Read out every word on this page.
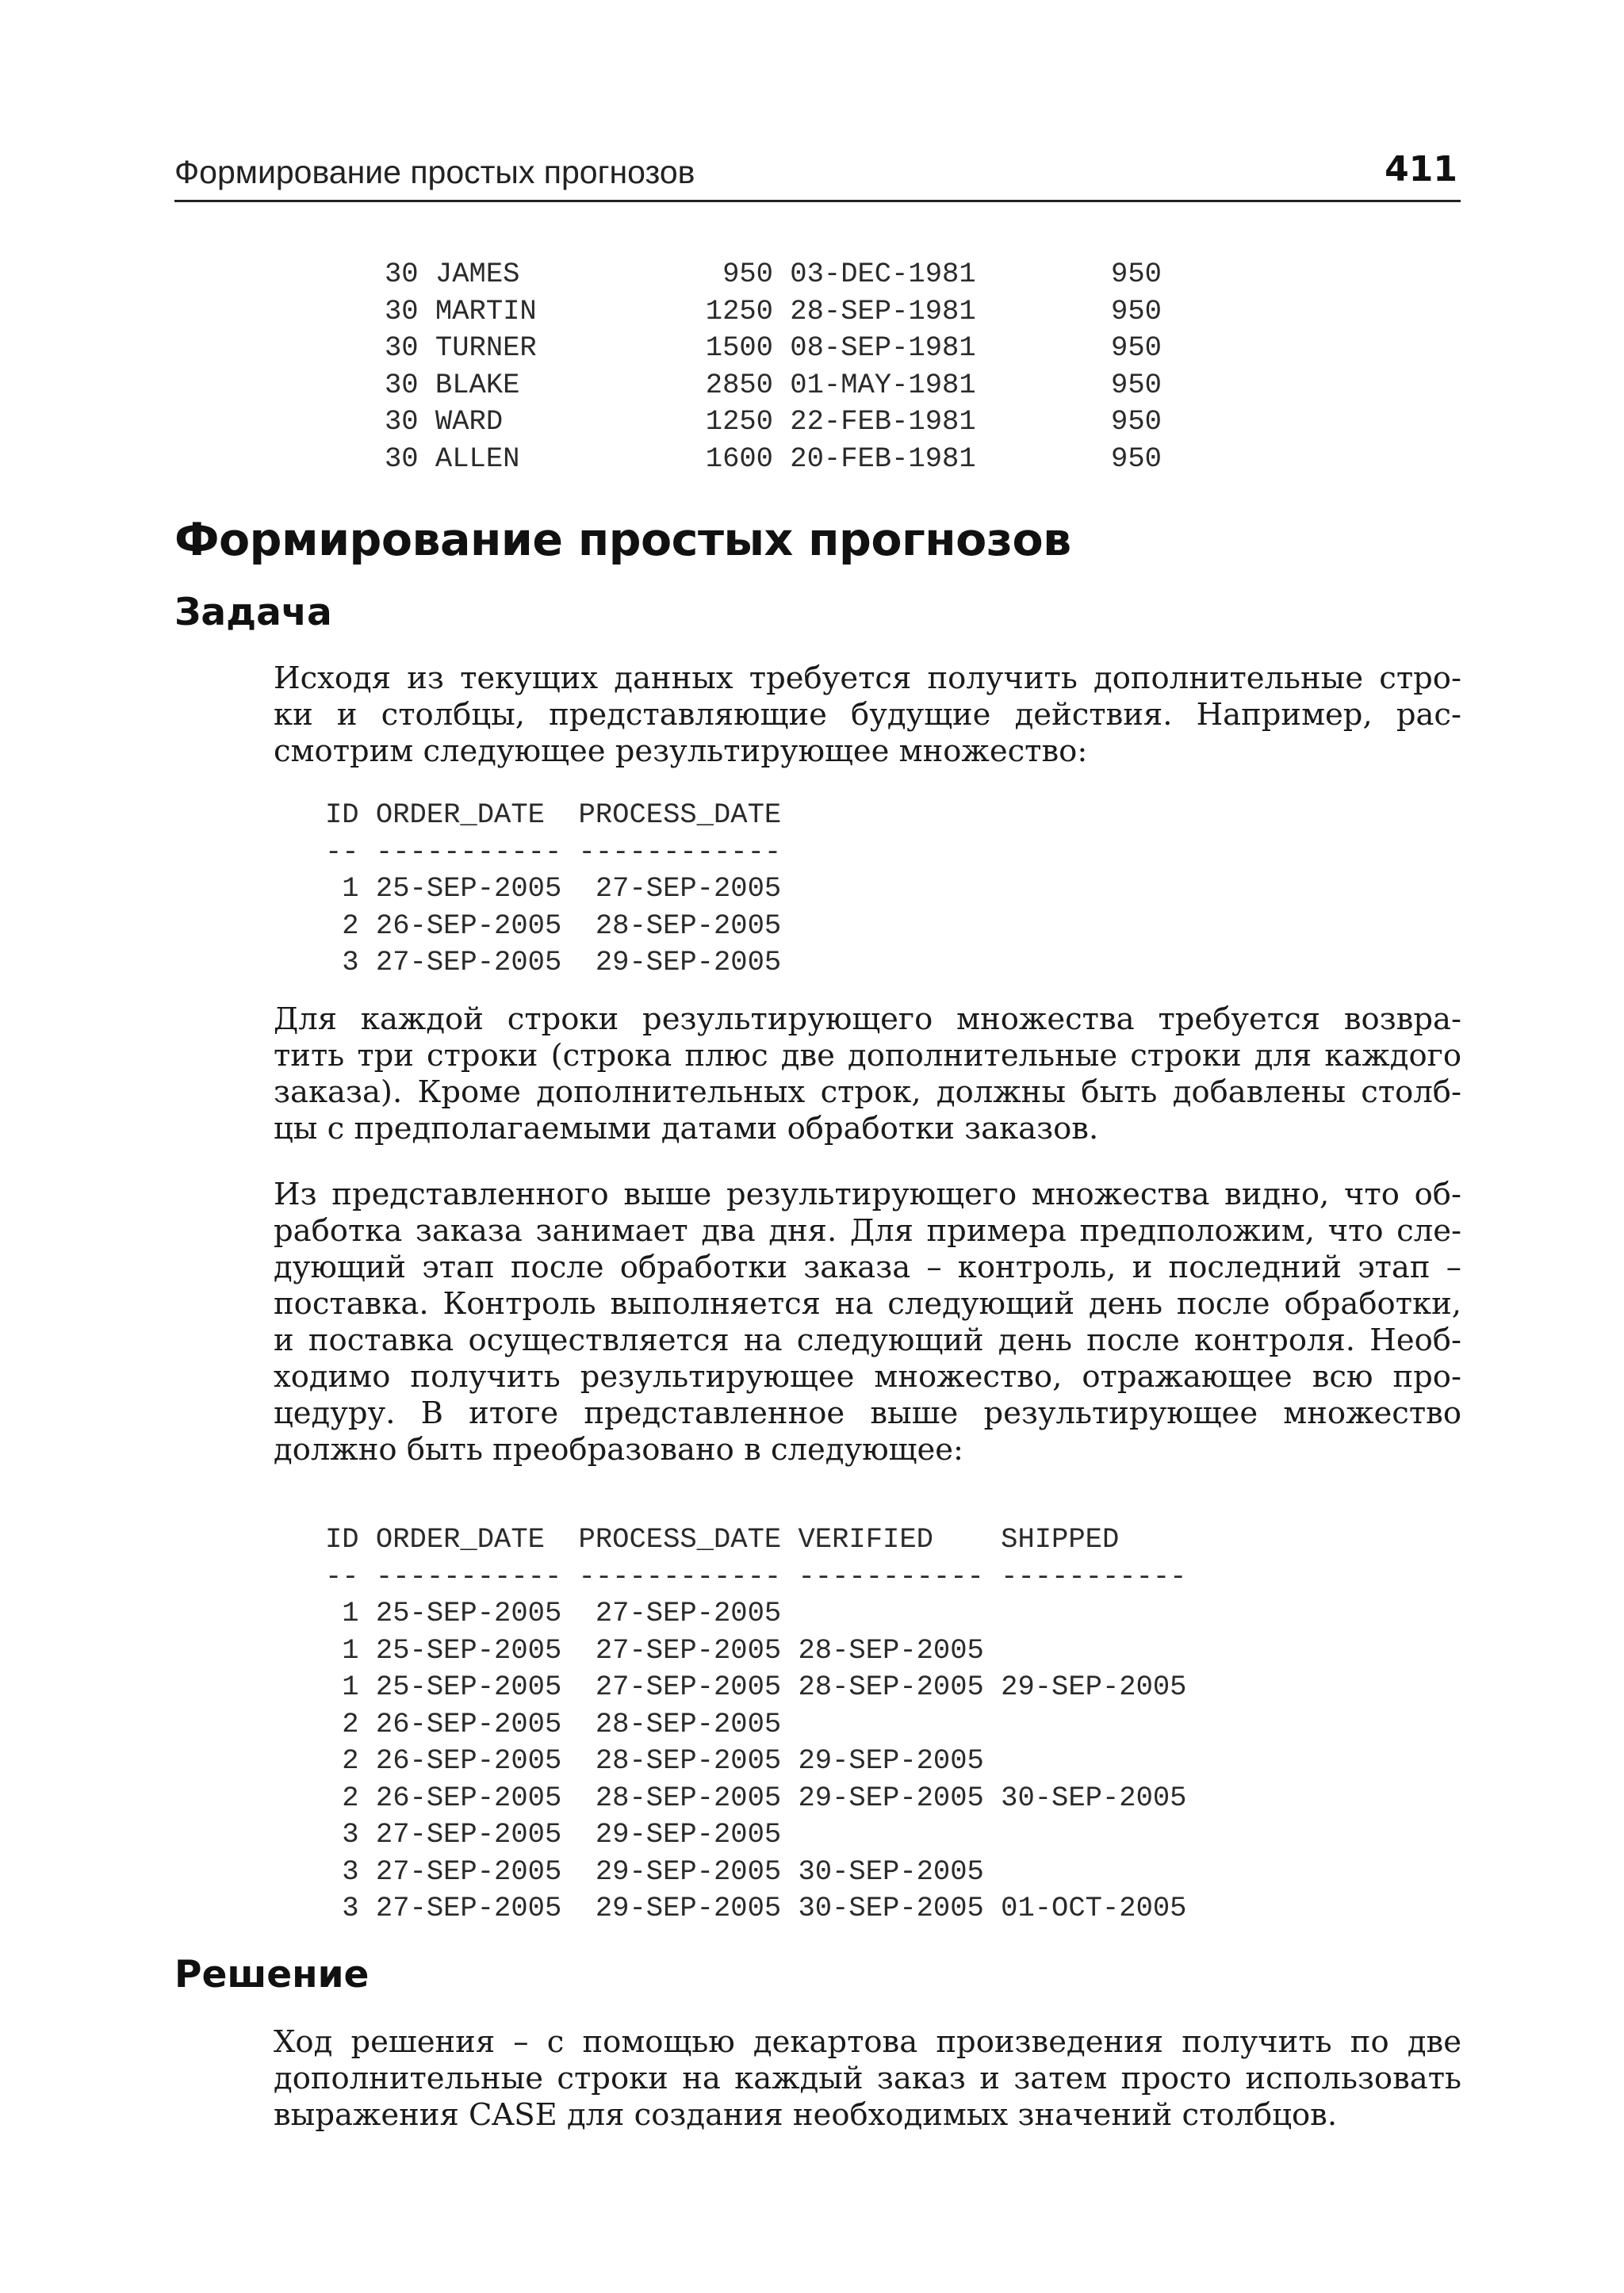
Формирование простых прогнозов	411
30 JAMES            950 03-DEC-1981        950
30 MARTIN          1250 28-SEP-1981        950
30 TURNER          1500 08-SEP-1981        950
30 BLAKE           2850 01-MAY-1981        950
30 WARD            1250 22-FEB-1981        950
30 ALLEN           1600 20-FEB-1981        950
Формирование простых прогнозов
Задача

Исходя из текущих данных требуется получить дополнительные стро-
ки и столбцы, представляющие будущие действия. Например, рас-
смотрим следующее результирующее множество:

ID ORDER_DATE  PROCESS_DATE
-- ----------- ------------
1 25-SEP-2005  27-SEP-2005
2 26-SEP-2005  28-SEP-2005
3 27-SEP-2005  29-SEP-2005

Для каждой строки результирующего множества требуется возвра-
тить три строки (строка плюс две дополнительные строки для каждого
заказа). Кроме дополнительных строк, должны быть добавлены столб-
цы с предполагаемыми датами обработки заказов.

Из представленного выше результирующего множества видно, что об-
работка заказа занимает два дня. Для примера предположим, что сле-
дующий этап после обработки заказа – контроль, и последний этап –
поставка. Контроль выполняется на следующий день после обработки,
и поставка осуществляется на следующий день после контроля. Необ-
ходимо получить результирующее множество, отражающее всю про-
цедуру. В итоге представленное выше результирующее множество
должно быть преобразовано в следующее:

ID ORDER_DATE  PROCESS_DATE VERIFIED    SHIPPED
-- ----------- ------------ ----------- -----------
1 25-SEP-2005  27-SEP-2005
1 25-SEP-2005  27-SEP-2005 28-SEP-2005
1 25-SEP-2005  27-SEP-2005 28-SEP-2005 29-SEP-2005
2 26-SEP-2005  28-SEP-2005
2 26-SEP-2005  28-SEP-2005 29-SEP-2005
2 26-SEP-2005  28-SEP-2005 29-SEP-2005 30-SEP-2005
3 27-SEP-2005  29-SEP-2005
3 27-SEP-2005  29-SEP-2005 30-SEP-2005
3 27-SEP-2005  29-SEP-2005 30-SEP-2005 01-OCT-2005
Решение

Ход решения – с помощью декартова произведения получить по две
дополнительные строки на каждый заказ и затем просто использовать
выражения CASE для создания необходимых значений столбцов.
